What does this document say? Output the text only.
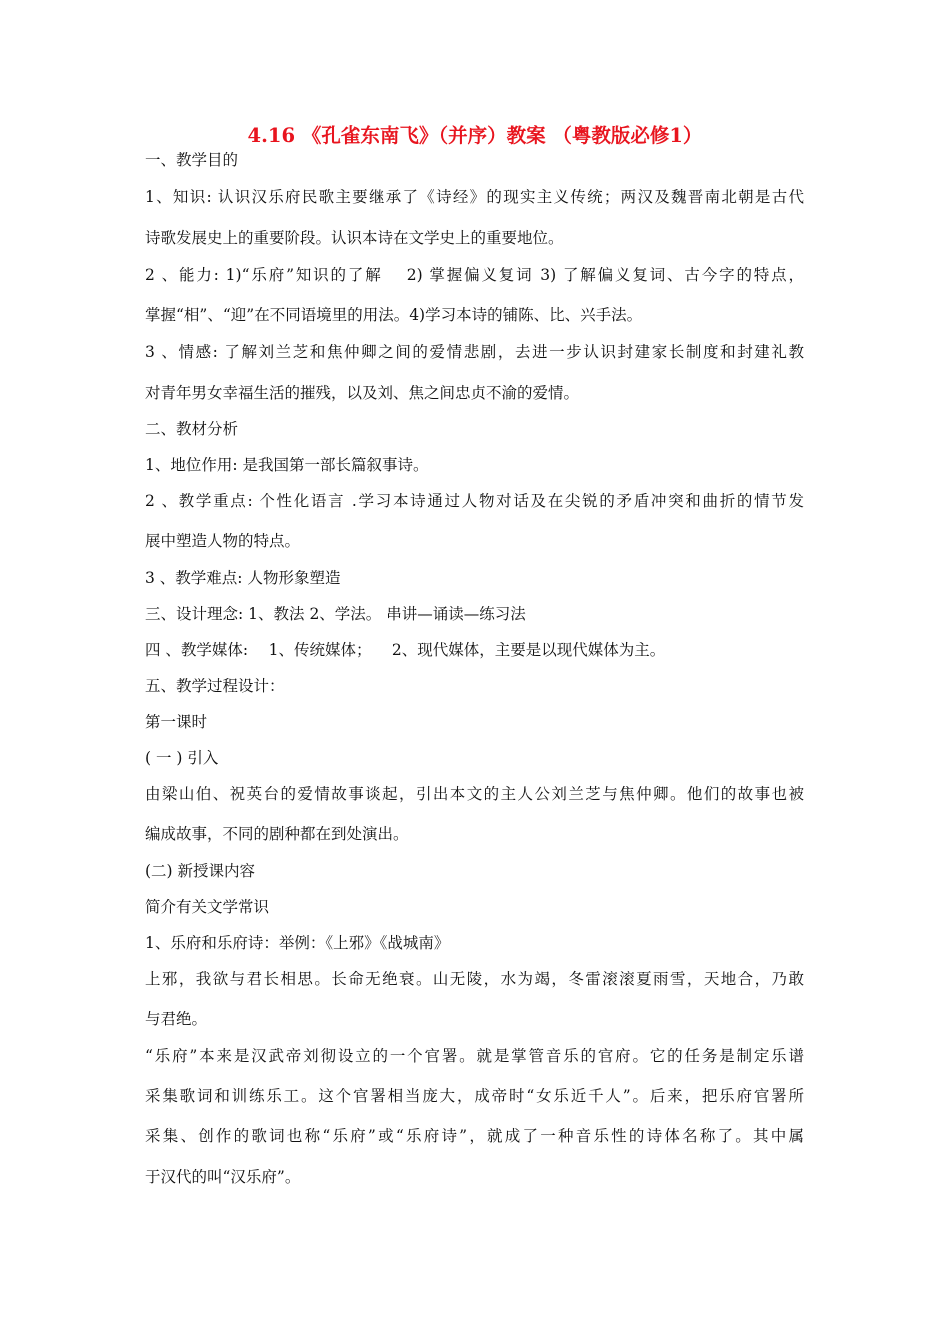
4.16 《孔雀东南飞》（并序）教案 （粤教版必修1）
一、教学目的
1、知识: 认识汉乐府民歌主要继承了《诗经》的现实主义传统；两汉及魏晋南北朝是古代
诗歌发展史上的重要阶段。认识本诗在文学史上的重要地位。
2 、能力: 1)“乐府”知识的了解　 2) 掌握偏义复词 3) 了解偏义复词、古今字的特点，
掌握“相”、“迎”在不同语境里的用法。4)学习本诗的铺陈、比、兴手法。
3 、情感: 了解刘兰芝和焦仲卿之间的爱情悲剧，去进一步认识封建家长制度和封建礼教
对青年男女幸福生活的摧残，以及刘、焦之间忠贞不渝的爱情。
二、教材分析
1、地位作用: 是我国第一部长篇叙事诗。
2 、教学重点: 个性化语言 .学习本诗通过人物对话及在尖锐的矛盾冲突和曲折的情节发
展中塑造人物的特点。
3 、教学难点: 人物形象塑造
三、设计理念: 1、教法 2、学法。 串讲—诵读—练习法
四 、教学媒体: 　1、传统媒体； 　2、现代媒体，主要是以现代媒体为主。
五、教学过程设计：
第一课时
( 一 ) 引入
由梁山伯、祝英台的爱情故事谈起，引出本文的主人公刘兰芝与焦仲卿。他们的故事也被
编成故事，不同的剧种都在到处演出。
(二) 新授课内容
简介有关文学常识
1、乐府和乐府诗：举例：《上邪》《战城南》
上邪，我欲与君长相思。长命无绝衰。山无陵，水为竭，冬雷滚滚夏雨雪，天地合，乃敢
与君绝。
“乐府”本来是汉武帝刘彻设立的一个官署。就是掌管音乐的官府。它的任务是制定乐谱
采集歌词和训练乐工。这个官署相当庞大，成帝时“女乐近千人”。后来，把乐府官署所
采集、创作的歌词也称“乐府”或“乐府诗”，就成了一种音乐性的诗体名称了。其中属
于汉代的叫“汉乐府”。
